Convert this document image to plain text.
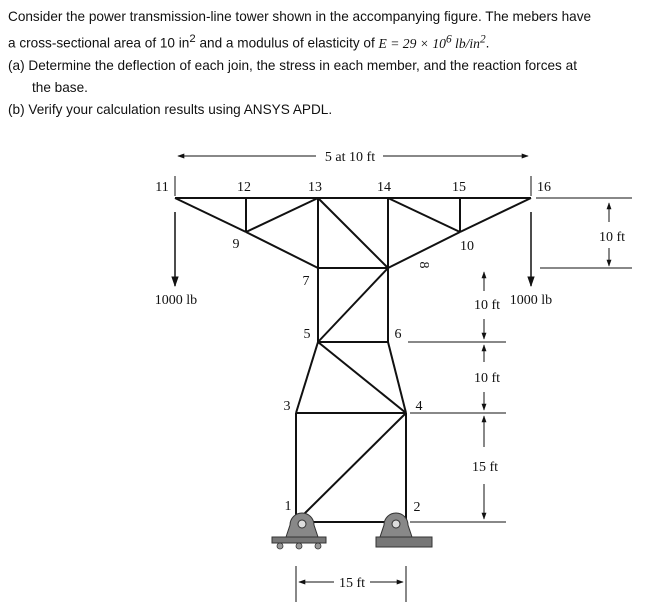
Consider the power transmission-line tower shown in the accompanying figure. The mebers have

a cross-sectional area of 10 $in^2$ and a modulus of elasticity of $E = 29 \times 10^6$ $lb/in^2$.

(a) Determine the deflection of each join, the stress in each member, and the reaction forces at

the base.

(b) Verify your calculation results using ANSYS APDL.

1000 lb	1000 lb
5 at 10 ft
10 ft
10 ft
10 ft
15 ft
15 ft
11	12	13	14	15	16
9	10
7
8
5	6
3	4
1	2
